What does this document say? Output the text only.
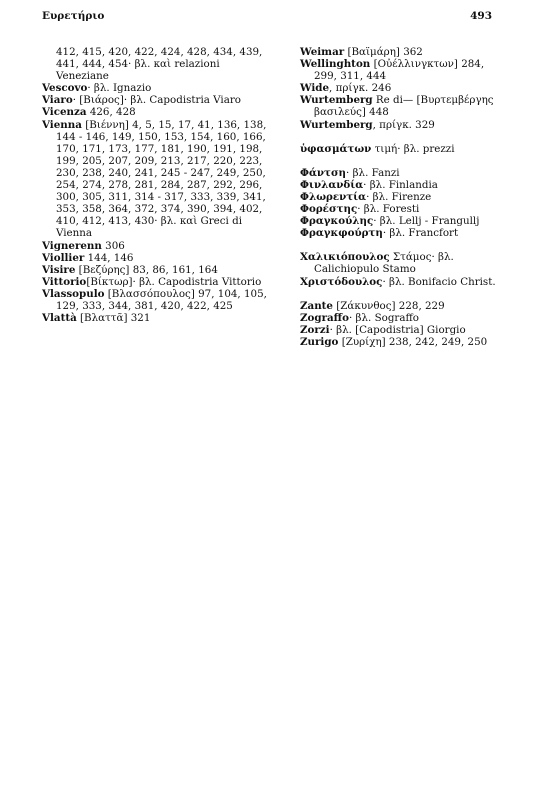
Ευρετήριο	493

412, 415, 420, 422, 424, 428, 434, 439, 441, 444, 454· βλ. καὶ relazioni Veneziane

Vescovo· βλ. Ignazio

Viaro· [Βιάρος]· βλ. Capodistria Viaro

Vicenza 426, 428

Vienna [Βιέννη] 4, 5, 15, 17, 41, 136, 138, 144 - 146, 149, 150, 153, 154, 160, 166, 170, 171, 173, 177, 181, 190, 191, 198, 199, 205, 207, 209, 213, 217, 220, 223, 230, 238, 240, 241, 245 - 247, 249, 250, 254, 274, 278, 281, 284, 287, 292, 296, 300, 305, 311, 314 - 317, 333, 339, 341, 353, 358, 364, 372, 374, 390, 394, 402, 410, 412, 413, 430· βλ. καὶ Greci di Vienna

Vignerenn 306

Viollier 144, 146

Visire [Βεζύρης] 83, 86, 161, 164

Vittorio[Βίκτωρ]· βλ. Capodistria Vittorio

Vlassopulo [Βλασσόπουλος] 97, 104, 105, 129, 333, 344, 381, 420, 422, 425

Vlattà [Βλαττᾶ] 321

Weimar [Βαϊμάρη] 362

Wellinghton [Οὐέλλινγκτων] 284, 299, 311, 444

Wide, πρίγκ. 246

Wurtemberg Re di— [Βυρτεμβέργης βασιλεύς] 448

Wurtemberg, πρίγκ. 329

ὑφασμάτων τιμή· βλ. prezzi

Φάντση· βλ. Fanzi

Φινλανδία· βλ. Finlandia

Φλωρεντία· βλ. Firenze

Φορέστης· βλ. Foresti

Φραγκούλης· βλ. Lellj - Frangullj

Φραγκφούρτη· βλ. Francfort

Χαλικιόπουλος Στάμος· βλ. Calichiopulo Stamo

Χριστόδουλος· βλ. Bonifacio Christ.

Zante [Ζάκυνθος] 228, 229

Zograffo· βλ. Sograffo

Zorzi· βλ. [Capodistria] Giorgio

Zurigo [Ζυρίχη] 238, 242, 249, 250
